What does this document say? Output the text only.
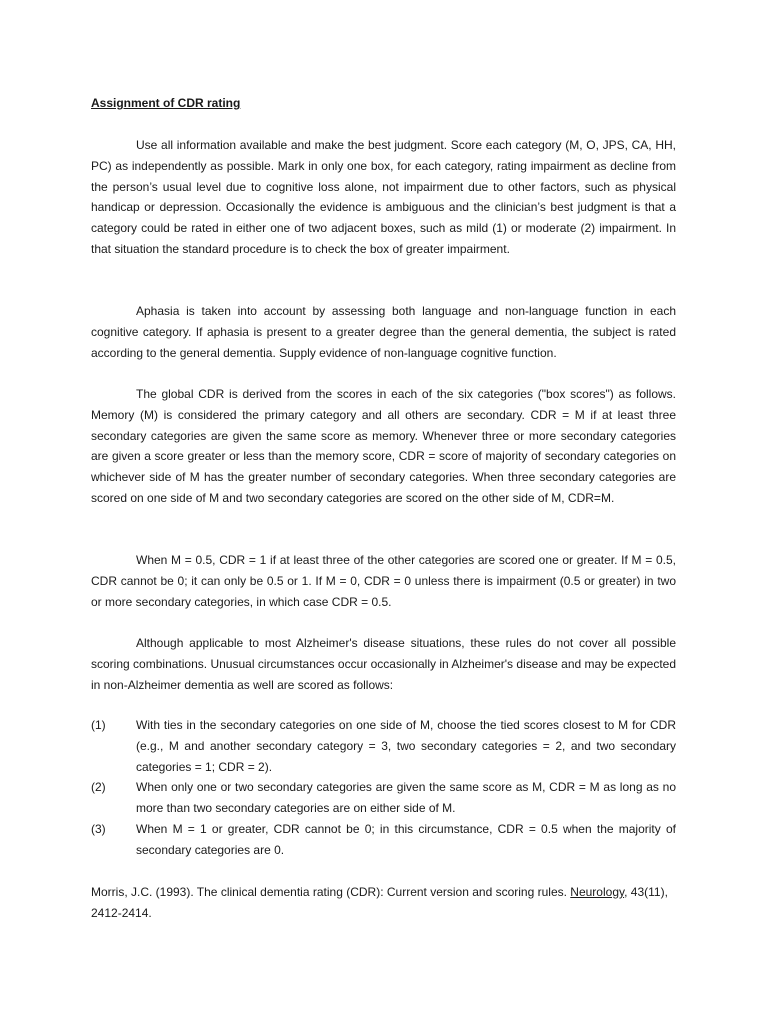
Assignment of CDR rating

Use all information available and make the best judgment. Score each category (M, O, JPS, CA, HH, PC) as independently as possible. Mark in only one box, for each category, rating impairment as decline from the person’s usual level due to cognitive loss alone, not impairment due to other factors, such as physical handicap or depression. Occasionally the evidence is ambiguous and the clinician’s best judgment is that a category could be rated in either one of two adjacent boxes, such as mild (1) or moderate (2) impairment. In that situation the standard procedure is to check the box of greater impairment.

Aphasia is taken into account by assessing both language and non-language function in each cognitive category. If aphasia is present to a greater degree than the general dementia, the subject is rated according to the general dementia. Supply evidence of non-language cognitive function.

The global CDR is derived from the scores in each of the six categories ("box scores") as follows. Memory (M) is considered the primary category and all others are secondary. CDR = M if at least three secondary categories are given the same score as memory. Whenever three or more secondary categories are given a score greater or less than the memory score, CDR = score of majority of secondary categories on whichever side of M has the greater number of secondary categories. When three secondary categories are scored on one side of M and two secondary categories are scored on the other side of M, CDR=M.

When M = 0.5, CDR = 1 if at least three of the other categories are scored one or greater. If M = 0.5, CDR cannot be 0; it can only be 0.5 or 1. If M = 0, CDR = 0 unless there is impairment (0.5 or greater) in two or more secondary categories, in which case CDR = 0.5.

Although applicable to most Alzheimer's disease situations, these rules do not cover all possible scoring combinations. Unusual circumstances occur occasionally in Alzheimer's disease and may be expected in non-Alzheimer dementia as well are scored as follows:

(1)	With ties in the secondary categories on one side of M, choose the tied scores closest to M for CDR (e.g., M and another secondary category = 3, two secondary categories = 2, and two secondary categories = 1; CDR = 2).
(2)	When only one or two secondary categories are given the same score as M, CDR = M as long as no more than two secondary categories are on either side of M.
(3)	When M = 1 or greater, CDR cannot be 0; in this circumstance, CDR = 0.5 when the majority of secondary categories are 0.
Morris, J.C. (1993). The clinical dementia rating (CDR): Current version and scoring rules. Neurology, 43(11), 2412-2414.
